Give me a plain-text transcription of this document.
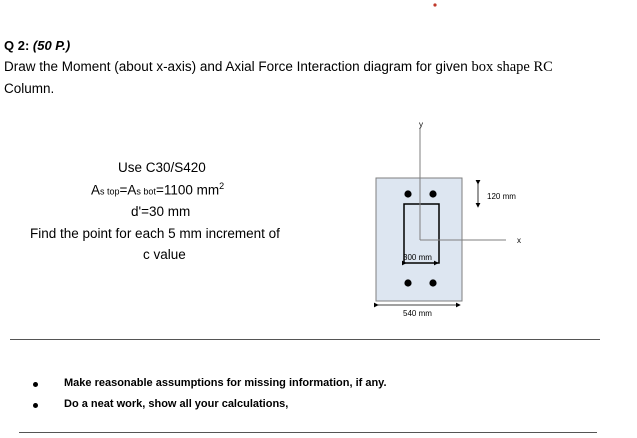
Q 2: (50 P.)
Draw the Moment (about x-axis) and Axial Force Interaction diagram for given box shape RC
Column.
Use C30/S420
As top=As bot=1100 $mm^2$
d'=30 mm
Find the point for each 5 mm increment of
c value
y
x
120 mm
300 mm
540 mm
Make reasonable assumptions for missing information, if any.
Do a neat work, show all your calculations,
